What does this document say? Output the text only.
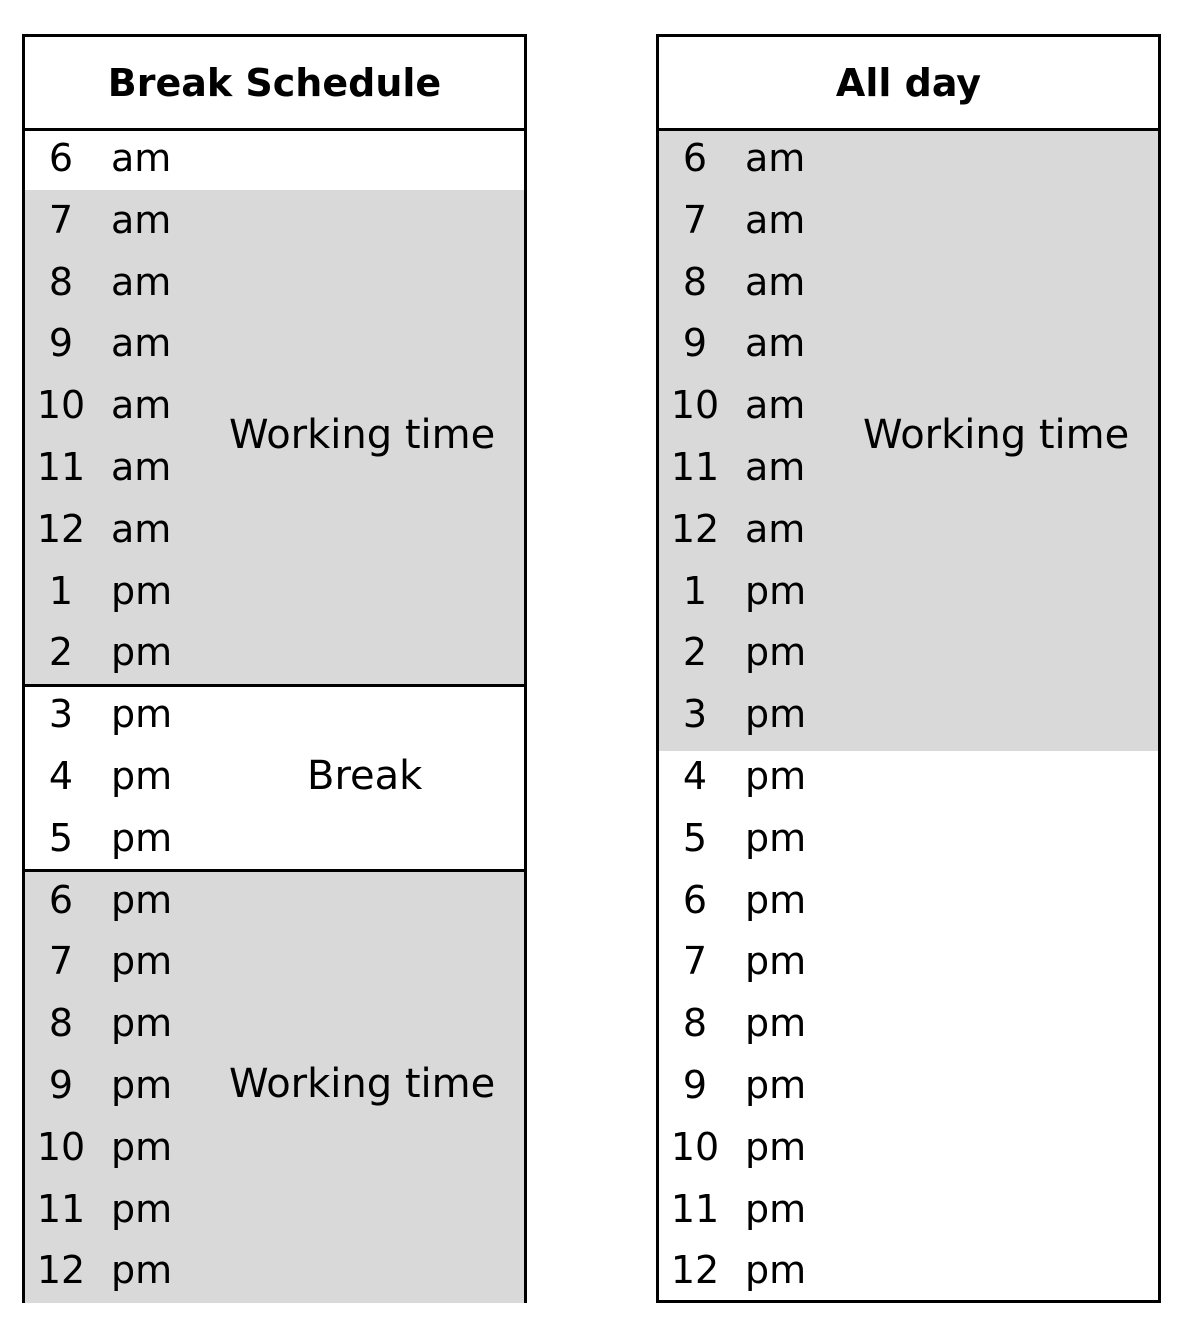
Break Schedule
Working time
Break
Working time
6 am
7 am
8 am
9 am
10 am
11 am
12 am
1 pm
2 pm
3 pm
4 pm
5 pm
6 pm
7 pm
8 pm
9 pm
10 pm
11 pm
12 pm
All day
Working time
6 am
7 am
8 am
9 am
10 am
11 am
12 am
1 pm
2 pm
3 pm
4 pm
5 pm
6 pm
7 pm
8 pm
9 pm
10 pm
11 pm
12 pm
